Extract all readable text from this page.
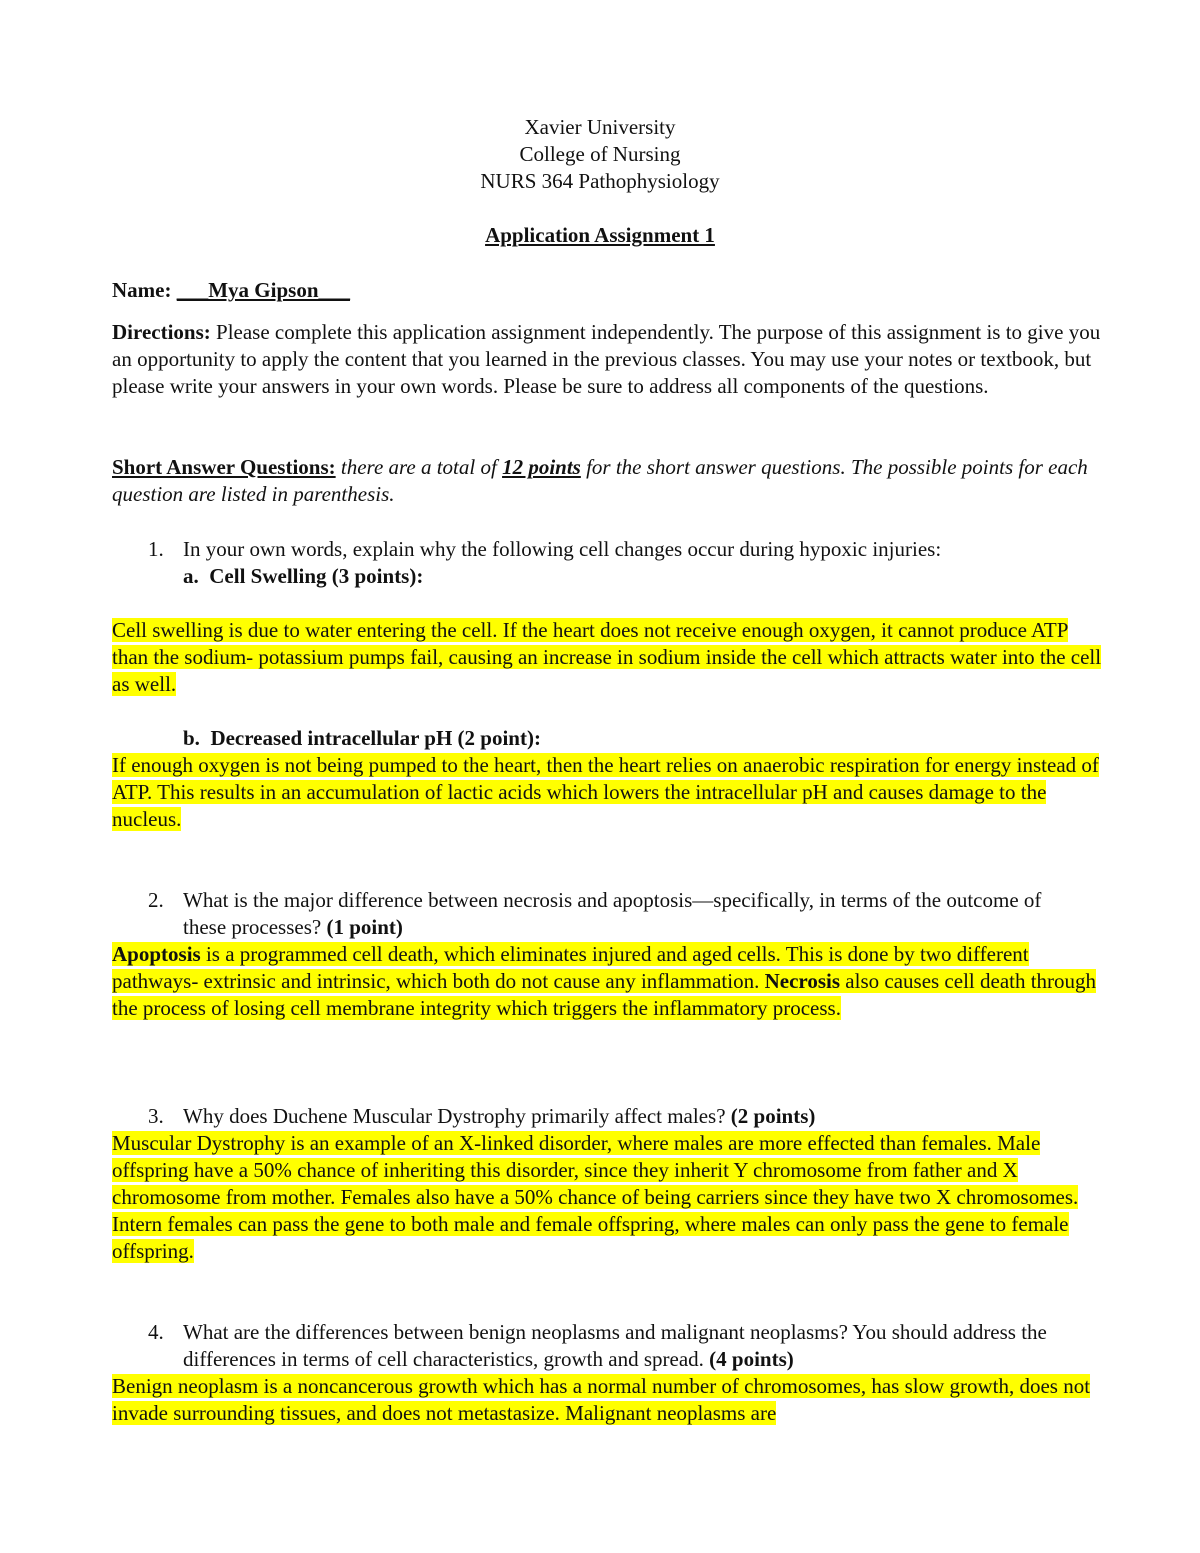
Xavier University

College of Nursing

NURS 364 Pathophysiology

Application Assignment 1

Name: ___Mya Gipson___

Directions: Please complete this application assignment independently. The purpose of this assignment is to give you an opportunity to apply the content that you learned in the previous classes. You may use your notes or textbook, but please write your answers in your own words. Please be sure to address all components of the questions.

Short Answer Questions: there are a total of 12 points for the short answer questions. The possible points for each question are listed in parenthesis.

1. In your own words, explain why the following cell changes occur during hypoxic injuries:

a. Cell Swelling (3 points):

Cell swelling is due to water entering the cell. If the heart does not receive enough oxygen, it cannot produce ATP than the sodium- potassium pumps fail, causing an increase in sodium inside the cell which attracts water into the cell as well.

b. Decreased intracellular pH (2 point):

If enough oxygen is not being pumped to the heart, then the heart relies on anaerobic respiration for energy instead of ATP. This results in an accumulation of lactic acids which lowers the intracellular pH and causes damage to the nucleus.

2. What is the major difference between necrosis and apoptosis—specifically, in terms of the outcome of these processes? (1 point)

Apoptosis is a programmed cell death, which eliminates injured and aged cells. This is done by two different pathways- extrinsic and intrinsic, which both do not cause any inflammation. Necrosis also causes cell death through the process of losing cell membrane integrity which triggers the inflammatory process.

3. Why does Duchene Muscular Dystrophy primarily affect males? (2 points)

Muscular Dystrophy is an example of an X-linked disorder, where males are more effected than females. Male offspring have a 50% chance of inheriting this disorder, since they inherit Y chromosome from father and X chromosome from mother. Females also have a 50% chance of being carriers since they have two X chromosomes. Intern females can pass the gene to both male and female offspring, where males can only pass the gene to female offspring.

4. What are the differences between benign neoplasms and malignant neoplasms? You should address the differences in terms of cell characteristics, growth and spread. (4 points)

Benign neoplasm is a noncancerous growth which has a normal number of chromosomes, has slow growth, does not invade surrounding tissues, and does not metastasize. Malignant neoplasms are
